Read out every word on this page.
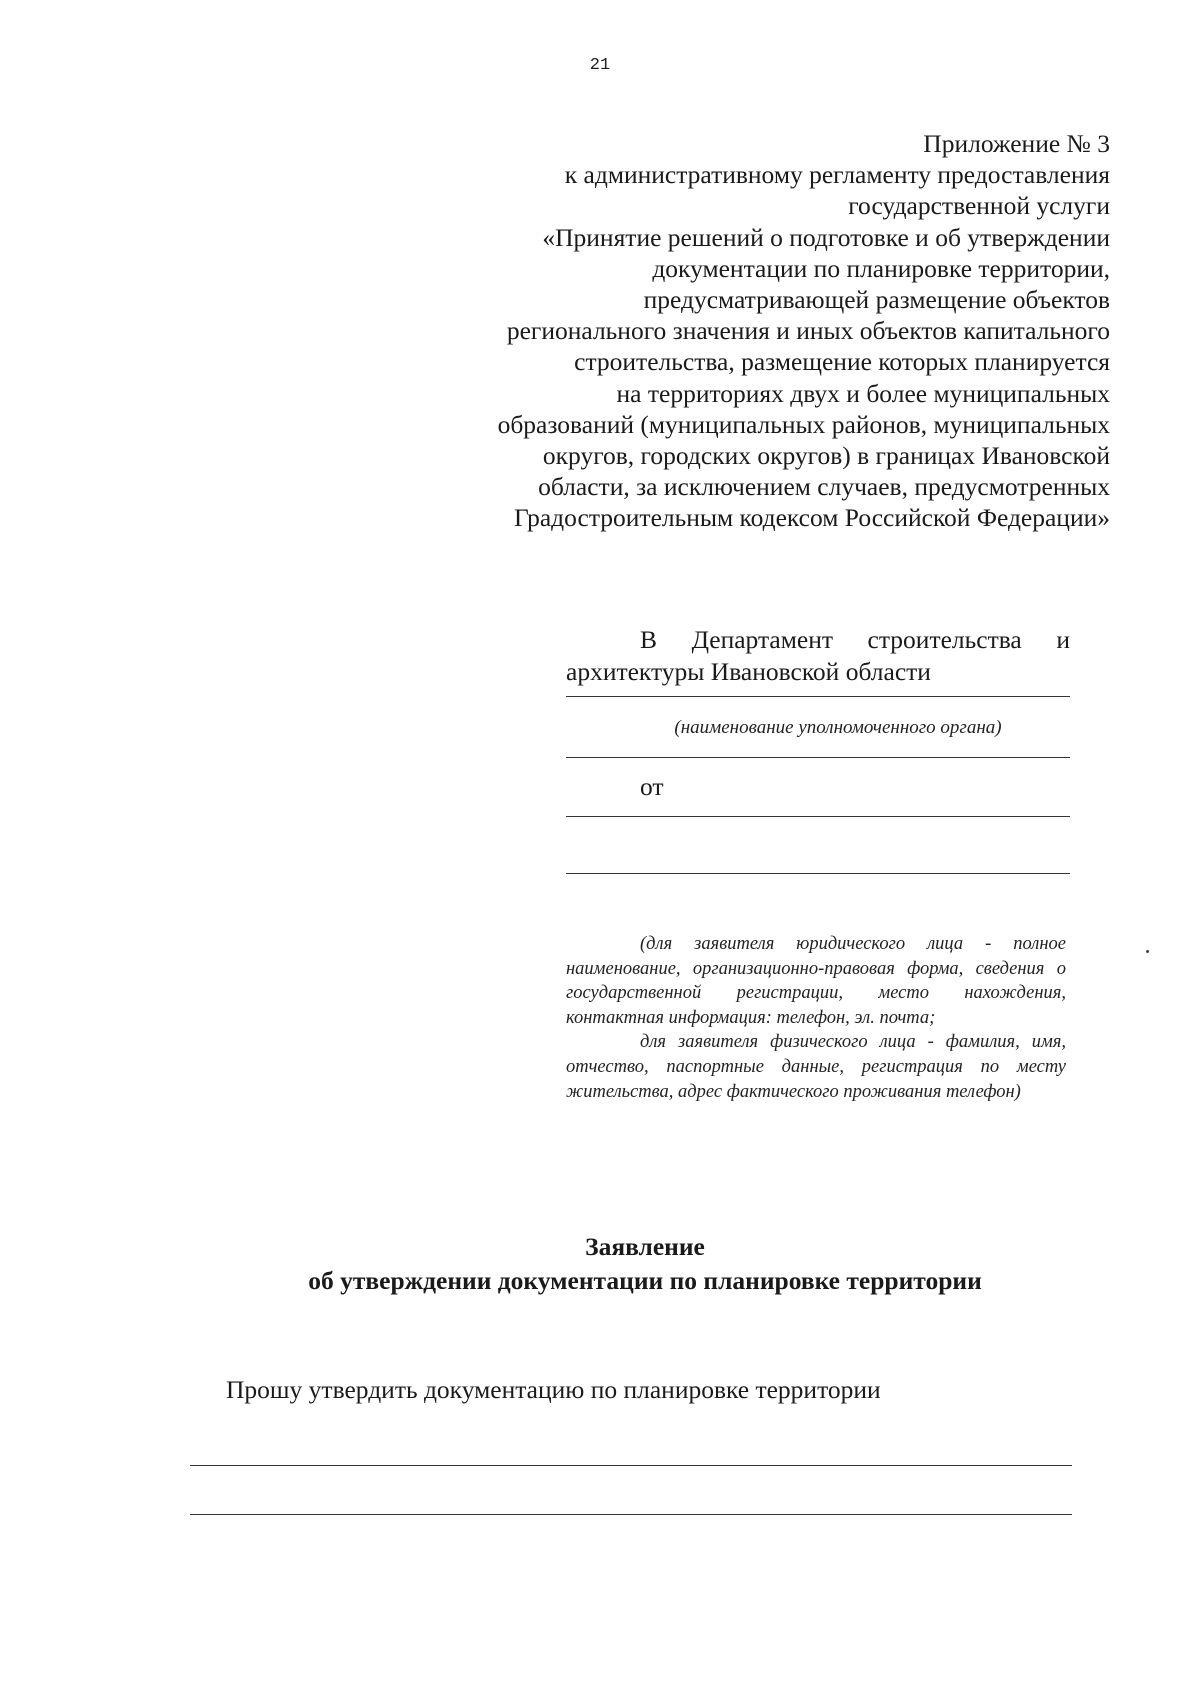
21
Приложение № 3
к административному регламенту предоставления
государственной услуги
«Принятие решений о подготовке и об утверждении
документации по планировке территории,
предусматривающей размещение объектов
регионального значения и иных объектов капитального
строительства, размещение которых планируется
на территориях двух и более муниципальных
образований (муниципальных районов, муниципальных
округов, городских округов) в границах Ивановской
области, за исключением случаев, предусмотренных
Градостроительным кодексом Российской Федерации»
В Департамент строительства и
архитектуры Ивановской области
(наименование уполномоченного органа)
от

(для заявителя юридического лица - полное наименование, организационно-правовая форма, сведения о государственной регистрации, место нахождения, контактная информация: телефон, эл. почта;

для заявителя физического лица - фамилия, имя, отчество, паспортные данные, регистрация по месту жительства, адрес фактического проживания телефон)

Заявление
об утверждении документации по планировке территории
Прошу утвердить документацию по планировке территории
